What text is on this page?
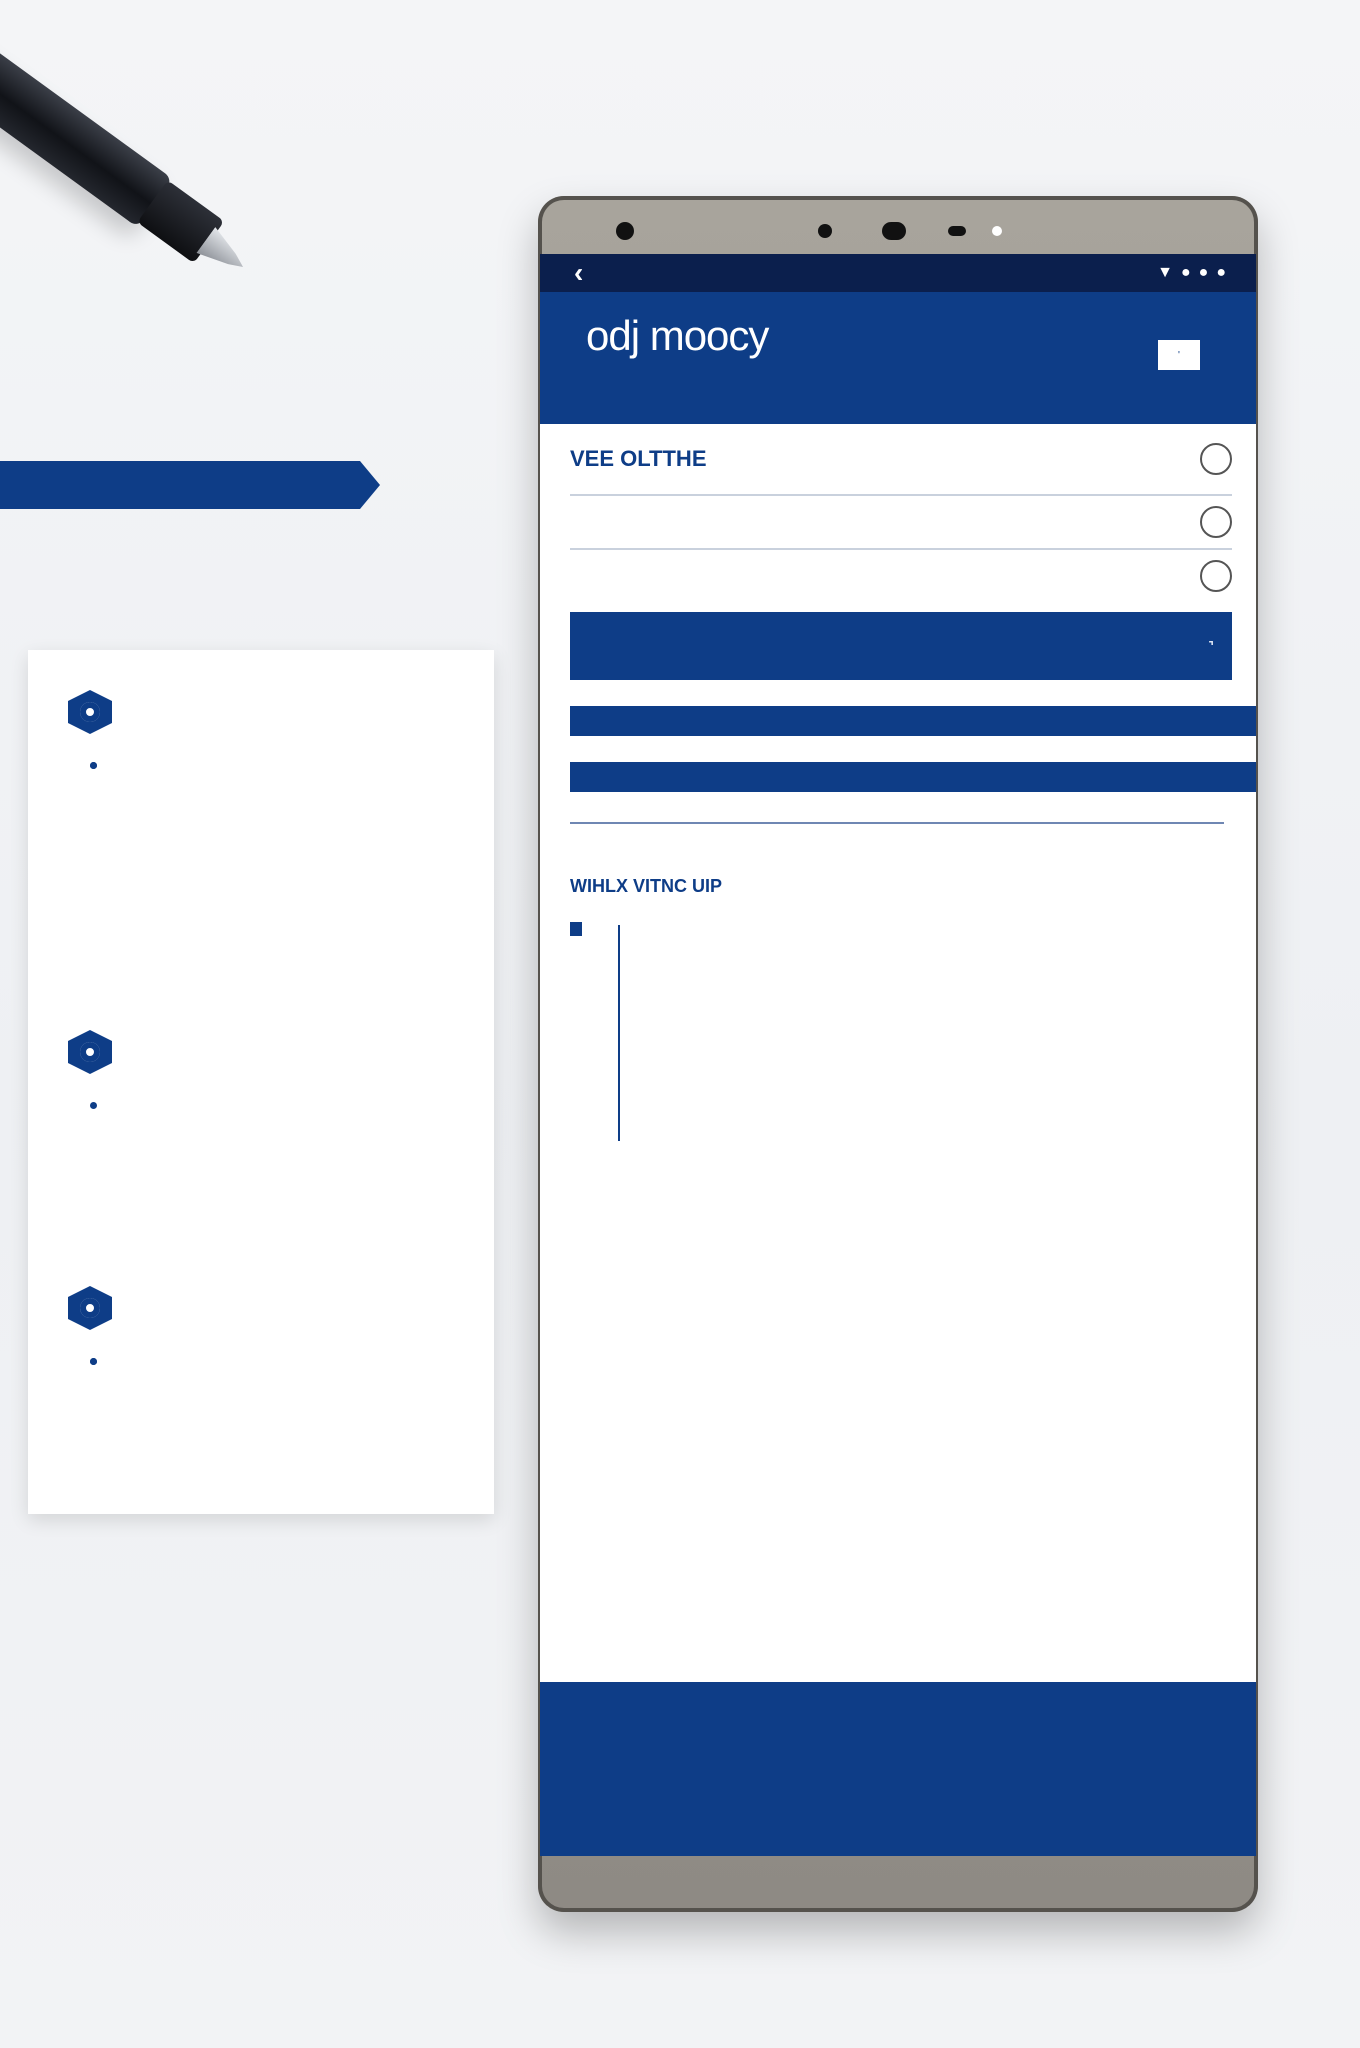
‹	▼ ● ● ●
odj moocy	'
VEE OLTTHE
⌝
WIHLX VITNC UIP
